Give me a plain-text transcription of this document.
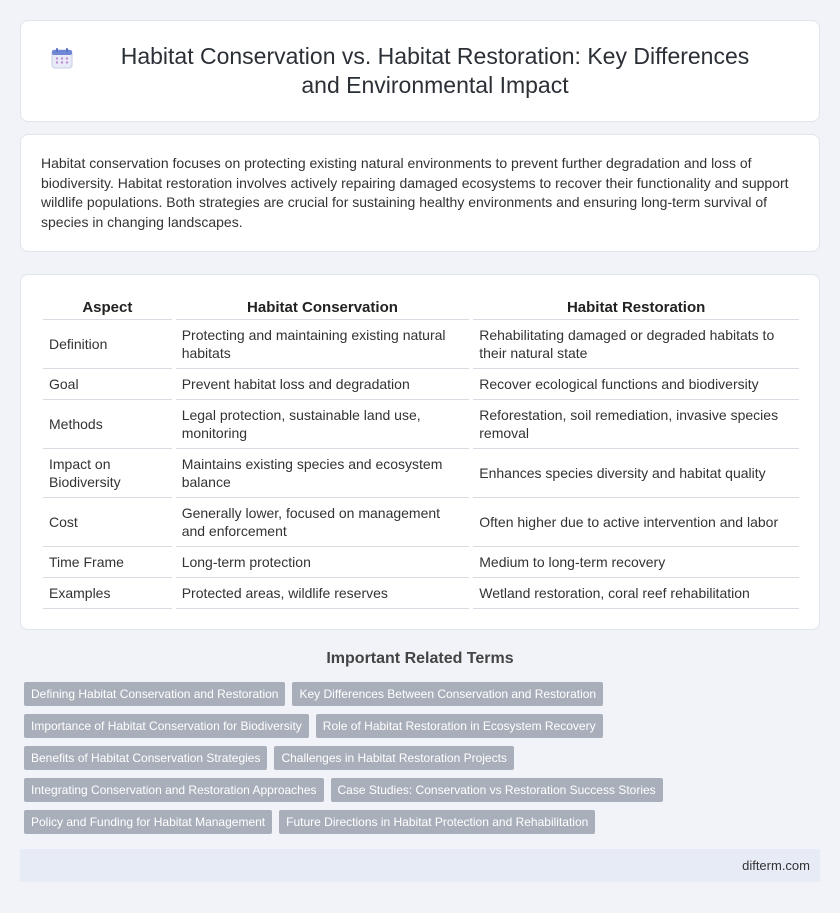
Habitat Conservation vs. Habitat Restoration: Key Differences and Environmental Impact

Habitat conservation focuses on protecting existing natural environments to prevent further degradation and loss of biodiversity. Habitat restoration involves actively repairing damaged ecosystems to recover their functionality and support wildlife populations. Both strategies are crucial for sustaining healthy environments and ensuring long-term survival of species in changing landscapes.

Aspect		Habitat Conservation		Habitat Restoration
Definition		Protecting and maintaining existing natural habitats		Rehabilitating damaged or degraded habitats to their natural state
Goal		Prevent habitat loss and degradation		Recover ecological functions and biodiversity
Methods		Legal protection, sustainable land use, monitoring		Reforestation, soil remediation, invasive species removal
Impact on Biodiversity		Maintains existing species and ecosystem balance		Enhances species diversity and habitat quality
Cost		Generally lower, focused on management and enforcement		Often higher due to active intervention and labor
Time Frame		Long-term protection		Medium to long-term recovery
Examples		Protected areas, wildlife reserves		Wetland restoration, coral reef rehabilitation
Important Related Terms
Defining Habitat Conservation and Restoration	Key Differences Between Conservation and Restoration
Importance of Habitat Conservation for Biodiversity	Role of Habitat Restoration in Ecosystem Recovery
Benefits of Habitat Conservation Strategies	Challenges in Habitat Restoration Projects
Integrating Conservation and Restoration Approaches	Case Studies: Conservation vs Restoration Success Stories
Policy and Funding for Habitat Management	Future Directions in Habitat Protection and Rehabilitation
difterm.com
